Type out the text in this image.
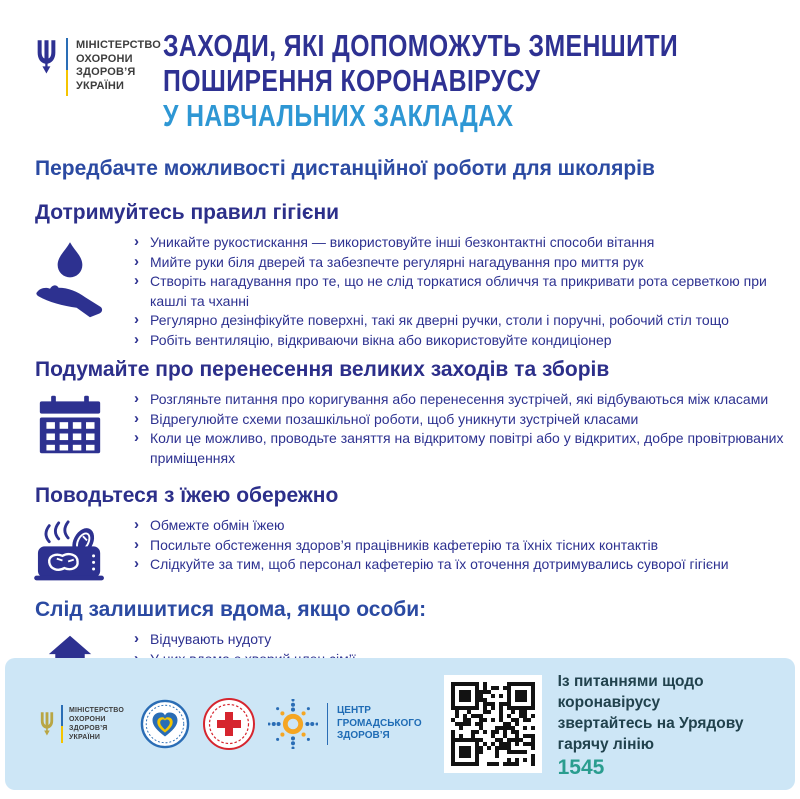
МІНІСТЕРСТВО
ОХОРОНИ
ЗДОРОВ’Я
УКРАЇНИ
ЗАХОДИ, ЯКІ ДОПОМОЖУТЬ ЗМЕНШИТИ
ПОШИРЕННЯ КОРОНАВІРУСУ
У НАВЧАЛЬНИХ ЗАКЛАДАХ
Передбачте можливості дистанційної роботи для школярів
Дотримуйтесь правил гігієни
› Уникайте рукостискання — використовуйте інші безконтактні способи вітання
› Мийте руки біля дверей та забезпечте регулярні нагадування про миття рук
› Створіть нагадування про те, що не слід торкатися обличчя та прикривати рота серветкою при кашлі та чханні
› Регулярно дезінфікуйте поверхні, такі як дверні ручки, столи і поручні, робочий стіл тощо
› Робіть вентиляцію, відкриваючи вікна або використовуйте кондиціонер
Подумайте про перенесення великих заходів та зборів
› Розгляньте питання про коригування або перенесення зустрічей, які відбуваються між класами
› Відрегулюйте схеми позашкільної роботи, щоб уникнути зустрічей класами
› Коли це можливо, проводьте заняття на відкритому повітрі або у відкритих, добре провітрюваних приміщеннях
Поводьтеся з їжею обережно
› Обмежте обмін їжею
› Посильте обстеження здоров’я працівників кафетерію та їхніх тісних контактів
› Слідкуйте за тим, щоб персонал кафетерію та їх оточення дотримувались суворої гігієни
Слід залишитися вдома, якщо особи:
› Відчувають нудоту
МІНІСТЕРСТВО
ОХОРОНИ
ЗДОРОВ’Я
УКРАЇНИ
ЦЕНТР
ГРОМАДСЬКОГО
ЗДОРОВ’Я
Із питаннями щодо коронавірусу
звертайтесь на Урядову гарячу лінію
1545
